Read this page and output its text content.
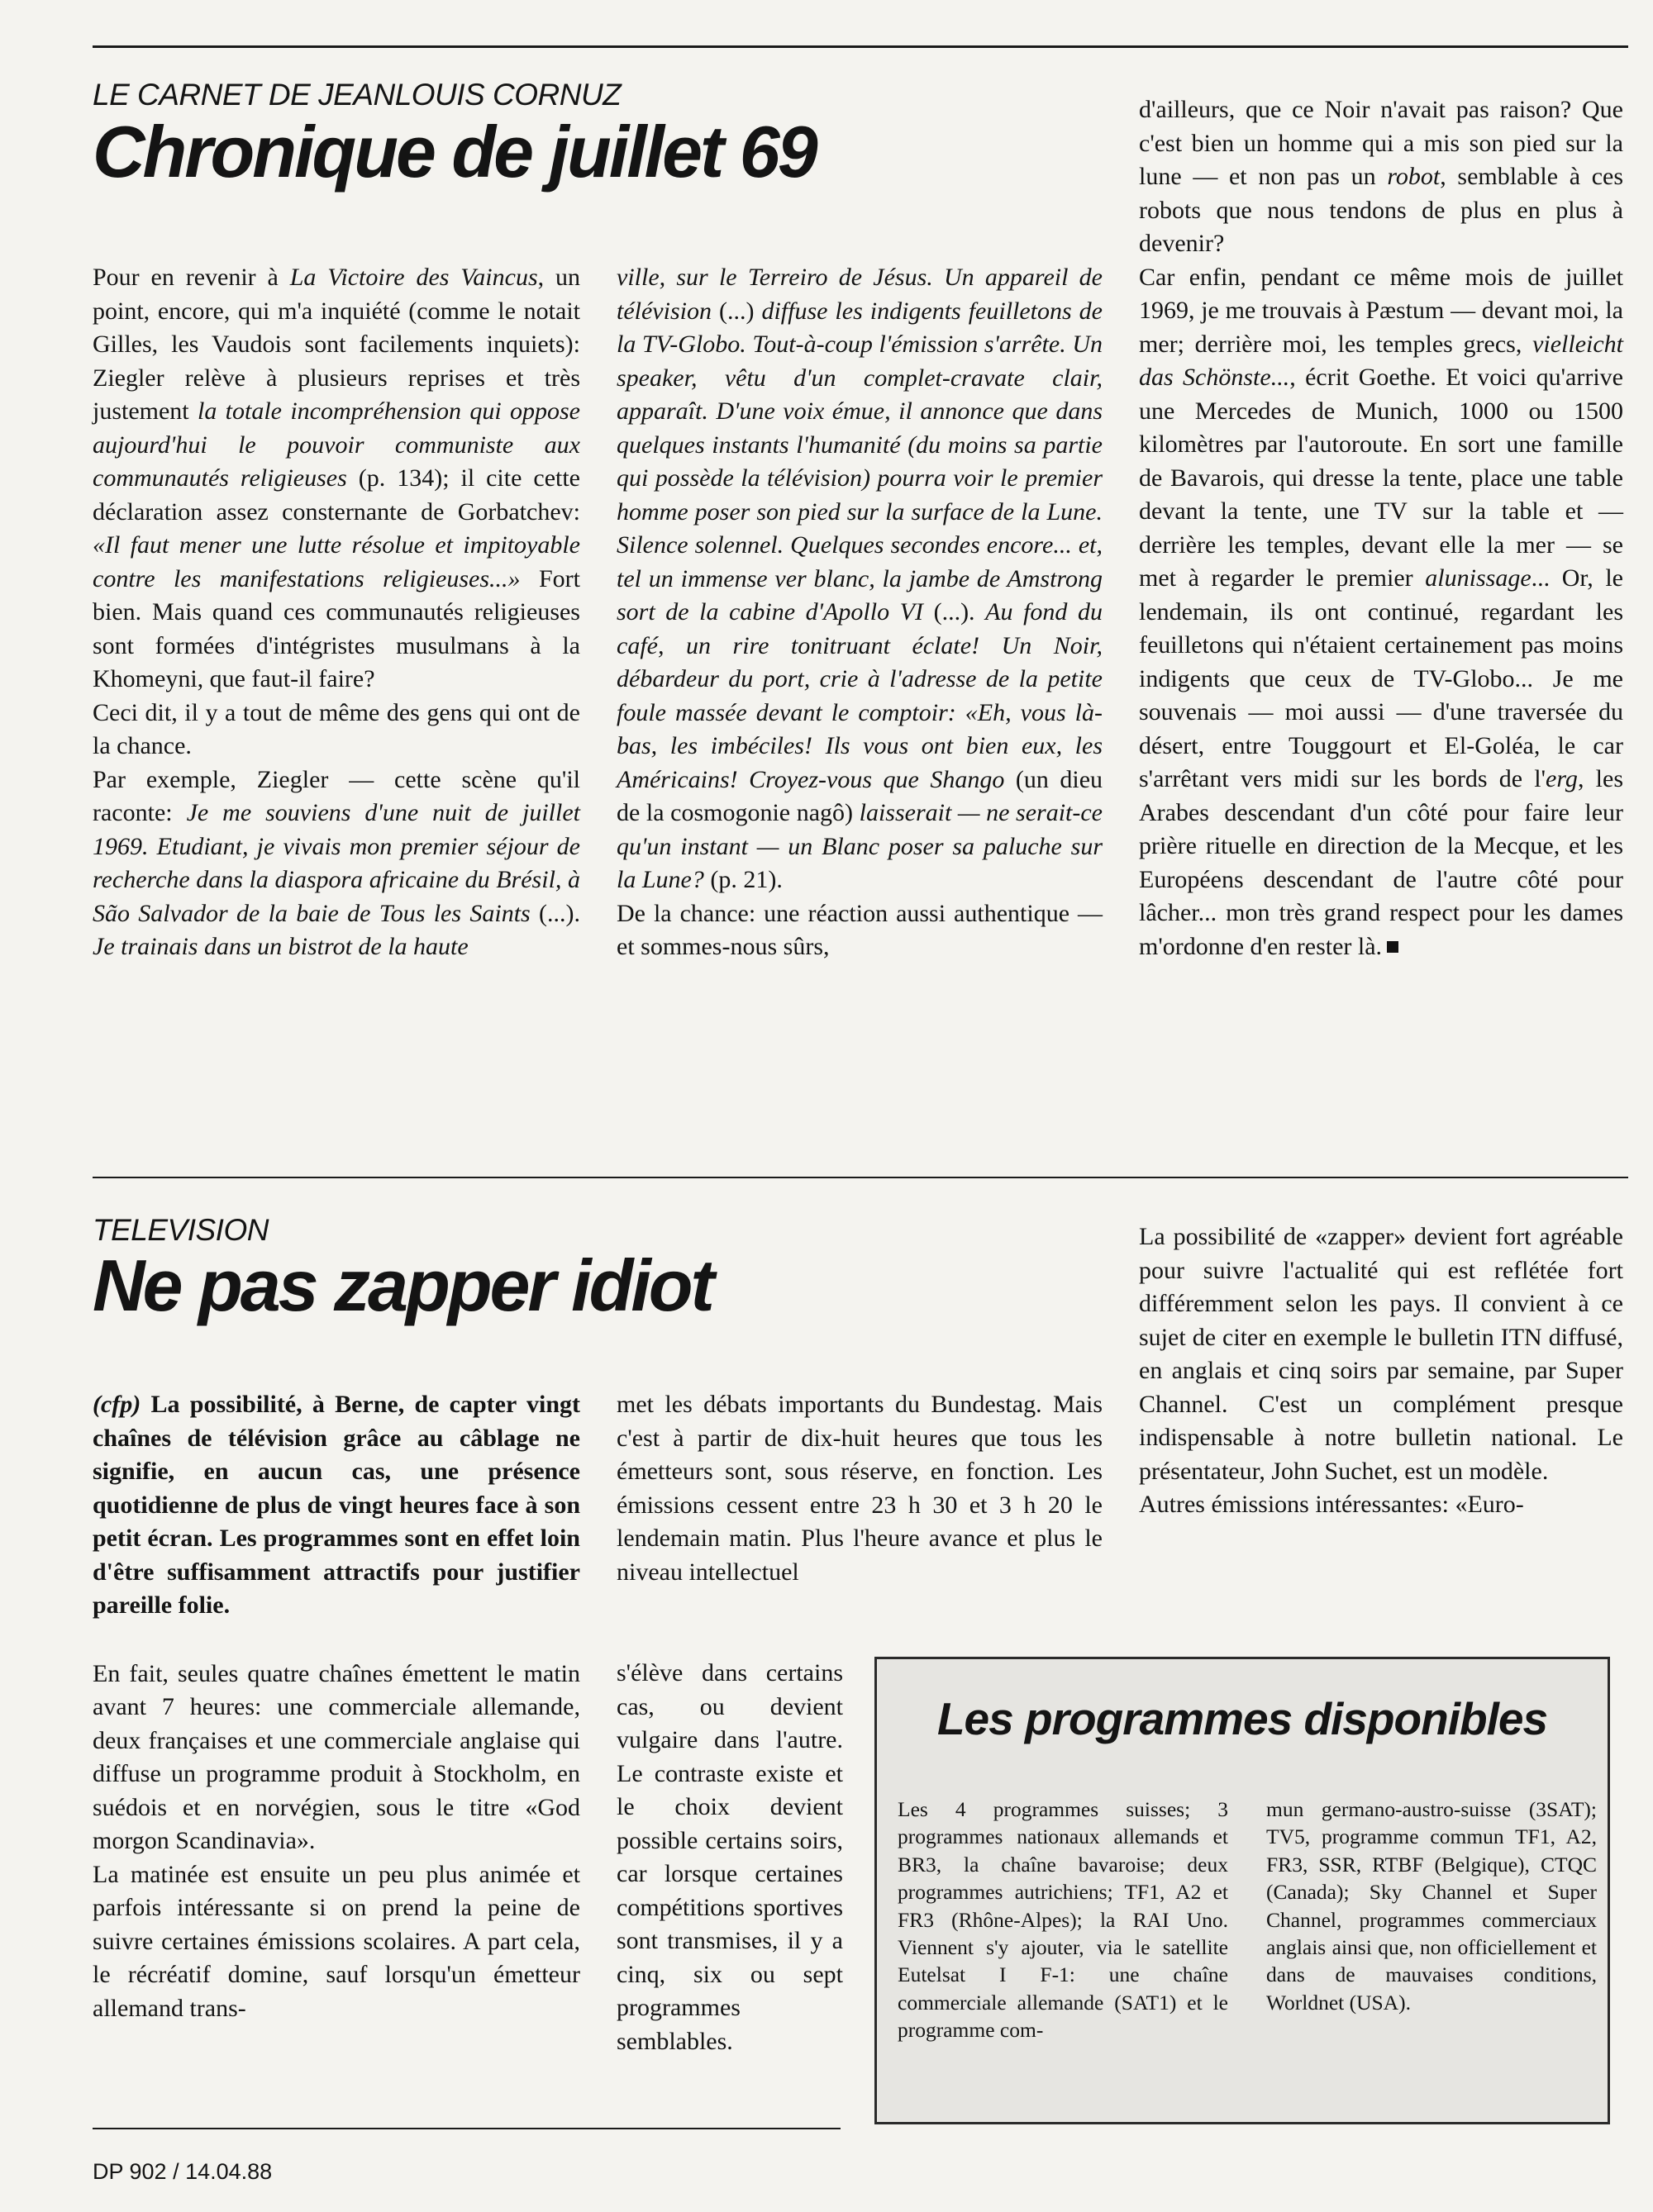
LE CARNET DE JEANLOUIS CORNUZ

Chronique de juillet 69

Pour en revenir à La Victoire des Vaincus, un point, encore, qui m'a inquiété (comme le notait Gilles, les Vaudois sont facilements inquiets): Ziegler relève à plusieurs reprises et très justement la totale incompréhension qui oppose aujourd'hui le pouvoir communiste aux communautés religieuses (p. 134); il cite cette déclaration assez consternante de Gorbatchev: «Il faut mener une lutte résolue et impitoyable contre les manifestations religieuses...» Fort bien. Mais quand ces communautés religieuses sont formées d'intégristes musulmans à la Khomeyni, que faut-il faire?

Ceci dit, il y a tout de même des gens qui ont de la chance.

Par exemple, Ziegler — cette scène qu'il raconte: Je me souviens d'une nuit de juillet 1969. Etudiant, je vivais mon premier séjour de recherche dans la diaspora africaine du Brésil, à São Salvador de la baie de Tous les Saints (...). Je trainais dans un bistrot de la haute

ville, sur le Terreiro de Jésus. Un appareil de télévision (...) diffuse les indigents feuilletons de la TV-Globo. Tout-à-coup l'émission s'arrête. Un speaker, vêtu d'un complet-cravate clair, apparaît. D'une voix émue, il annonce que dans quelques instants l'humanité (du moins sa partie qui possède la télévision) pourra voir le premier homme poser son pied sur la surface de la Lune. Silence solennel. Quelques secondes encore... et, tel un immense ver blanc, la jambe de Amstrong sort de la cabine d'Apollo VI (...). Au fond du café, un rire tonitruant éclate! Un Noir, débardeur du port, crie à l'adresse de la petite foule massée devant le comptoir: «Eh, vous là-bas, les imbéciles! Ils vous ont bien eux, les Américains! Croyez-vous que Shango (un dieu de la cosmogonie nagô) laisserait — ne serait-ce qu'un instant — un Blanc poser sa paluche sur la Lune? (p. 21).

De la chance: une réaction aussi authentique — et sommes-nous sûrs,

d'ailleurs, que ce Noir n'avait pas raison? Que c'est bien un homme qui a mis son pied sur la lune — et non pas un robot, semblable à ces robots que nous tendons de plus en plus à devenir?

Car enfin, pendant ce même mois de juillet 1969, je me trouvais à Pæstum — devant moi, la mer; derrière moi, les temples grecs, vielleicht das Schönste..., écrit Goethe. Et voici qu'arrive une Mercedes de Munich, 1000 ou 1500 kilomètres par l'autoroute. En sort une famille de Bavarois, qui dresse la tente, place une table devant la tente, une TV sur la table et — derrière les temples, devant elle la mer — se met à regarder le premier alunissage... Or, le lendemain, ils ont continué, regardant les feuilletons qui n'étaient certainement pas moins indigents que ceux de TV-Globo... Je me souvenais — moi aussi — d'une traversée du désert, entre Touggourt et El-Goléa, le car s'arrêtant vers midi sur les bords de l'erg, les Arabes descendant d'un côté pour faire leur prière rituelle en direction de la Mecque, et les Européens descendant de l'autre côté pour lâcher... mon très grand respect pour les dames m'ordonne d'en rester là.

TELEVISION

Ne pas zapper idiot

(cfp) La possibilité, à Berne, de capter vingt chaînes de télévision grâce au câblage ne signifie, en aucun cas, une présence quotidienne de plus de vingt heures face à son petit écran. Les programmes sont en effet loin d'être suffisamment attractifs pour justifier pareille folie.

En fait, seules quatre chaînes émettent le matin avant 7 heures: une commerciale allemande, deux françaises et une commerciale anglaise qui diffuse un programme produit à Stockholm, en suédois et en norvégien, sous le titre «God morgon Scandinavia».

La matinée est ensuite un peu plus animée et parfois intéressante si on prend la peine de suivre certaines émissions scolaires. A part cela, le récréatif domine, sauf lorsqu'un émetteur allemand trans-

met les débats importants du Bundestag. Mais c'est à partir de dix-huit heures que tous les émetteurs sont, sous réserve, en fonction. Les émissions cessent entre 23 h 30 et 3 h 20 le lendemain matin. Plus l'heure avance et plus le niveau intellectuel

s'élève dans certains cas, ou devient vulgaire dans l'autre. Le contraste existe et le choix devient possible certains soirs, car lorsque certaines compétitions sportives sont transmises, il y a cinq, six ou sept programmes semblables.

La possibilité de «zapper» devient fort agréable pour suivre l'actualité qui est reflétée fort différemment selon les pays. Il convient à ce sujet de citer en exemple le bulletin ITN diffusé, en anglais et cinq soirs par semaine, par Super Channel. C'est un complément presque indispensable à notre bulletin national. Le présentateur, John Suchet, est un modèle.

Autres émissions intéressantes: «Euro-

Les programmes disponibles

Les 4 programmes suisses; 3 programmes nationaux allemands et BR3, la chaîne bavaroise; deux programmes autrichiens; TF1, A2 et FR3 (Rhône-Alpes); la RAI Uno. Viennent s'y ajouter, via le satellite Eutelsat I F-1: une chaîne commerciale allemande (SAT1) et le programme com-

mun germano-austro-suisse (3SAT); TV5, programme commun TF1, A2, FR3, SSR, RTBF (Belgique), CTQC (Canada); Sky Channel et Super Channel, programmes commerciaux anglais ainsi que, non officiellement et dans de mauvaises conditions, Worldnet (USA).

DP 902 / 14.04.88
